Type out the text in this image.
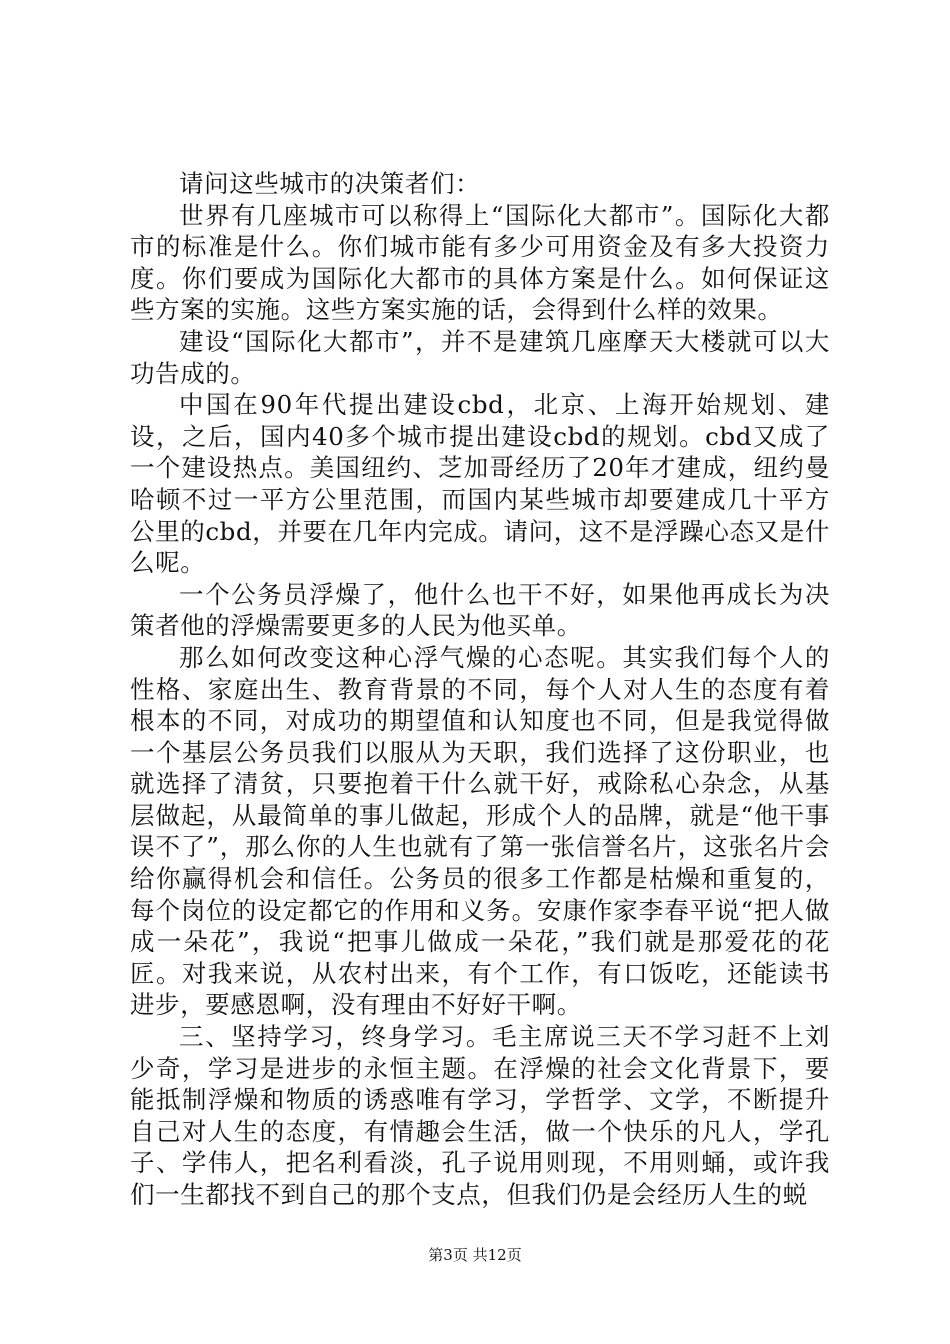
请问这些城市的决策者们：

世界有几座城市可以称得上“国际化大都市”。国际化大都市的标准是什么。你们城市能有多少可用资金及有多大投资力度。你们要成为国际化大都市的具体方案是什么。如何保证这些方案的实施。这些方案实施的话，会得到什么样的效果。

建设“国际化大都市”，并不是建筑几座摩天大楼就可以大功告成的。

中国在90年代提出建设cbd，北京、上海开始规划、建设，之后，国内40多个城市提出建设cbd的规划。cbd又成了一个建设热点。美国纽约、芝加哥经历了20年才建成，纽约曼哈顿不过一平方公里范围，而国内某些城市却要建成几十平方公里的cbd，并要在几年内完成。请问，这不是浮躁心态又是什么呢。

一个公务员浮燥了，他什么也干不好，如果他再成长为决策者他的浮燥需要更多的人民为他买单。

那么如何改变这种心浮气燥的心态呢。其实我们每个人的性格、家庭出生、教育背景的不同，每个人对人生的态度有着根本的不同，对成功的期望值和认知度也不同，但是我觉得做一个基层公务员我们以服从为天职，我们选择了这份职业，也就选择了清贫，只要抱着干什么就干好，戒除私心杂念，从基层做起，从最简单的事儿做起，形成个人的品牌，就是“他干事误不了”，那么你的人生也就有了第一张信誉名片，这张名片会给你赢得机会和信任。公务员的很多工作都是枯燥和重复的，每个岗位的设定都它的作用和义务。安康作家李春平说“把人做成一朵花”，我说“把事儿做成一朵花，”我们就是那爱花的花匠。对我来说，从农村出来，有个工作，有口饭吃，还能读书进步，要感恩啊，没有理由不好好干啊。

三、坚持学习，终身学习。毛主席说三天不学习赶不上刘少奇，学习是进步的永恒主题。在浮燥的社会文化背景下，要能抵制浮燥和物质的诱惑唯有学习，学哲学、文学，不断提升自己对人生的态度，有情趣会生活，做一个快乐的凡人，学孔子、学伟人，把名利看淡，孔子说用则现，不用则蛹，或许我们一生都找不到自己的那个支点，但我们仍是会经历人生的蜕

第3页 共12页
